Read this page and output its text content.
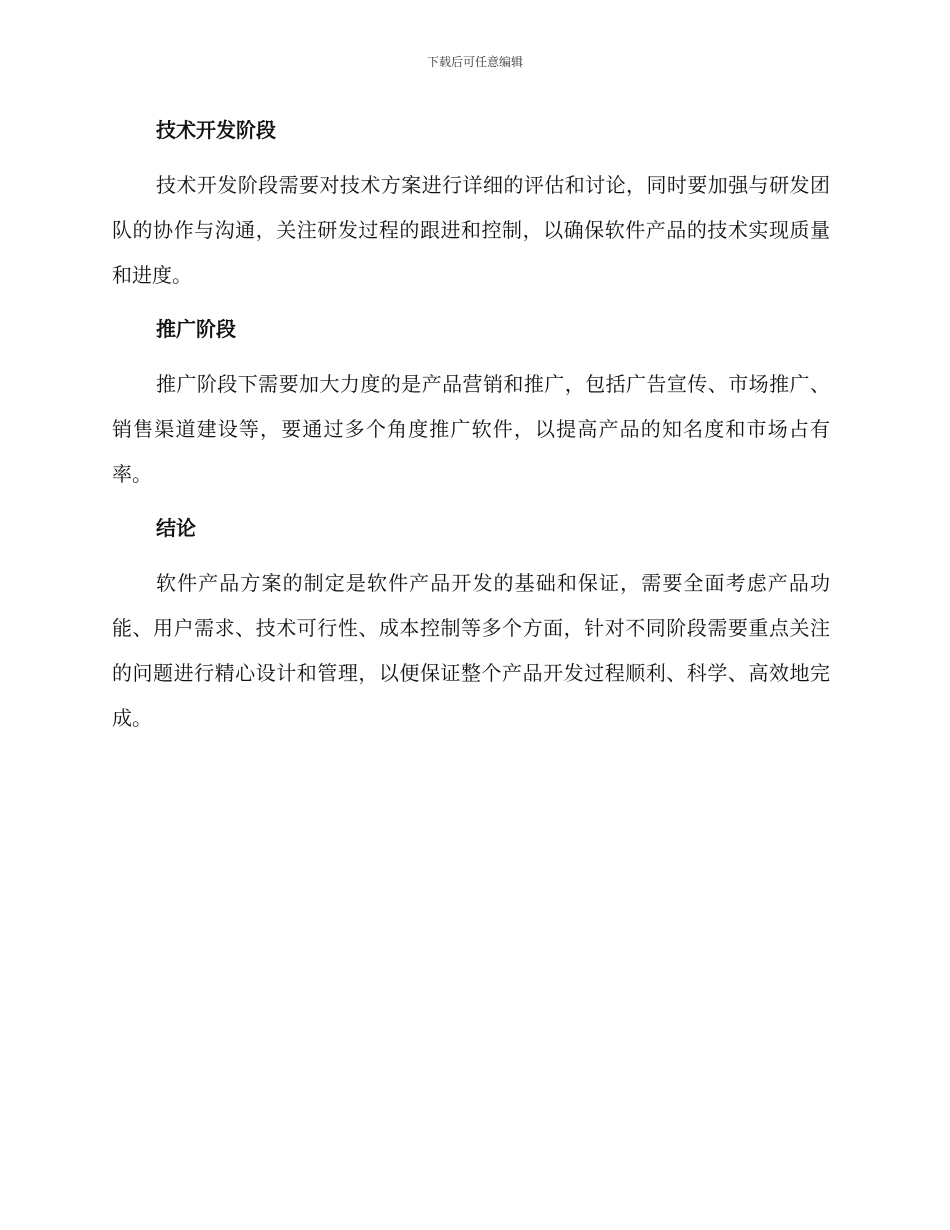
下载后可任意编辑
技术开发阶段

技术开发阶段需要对技术方案进行详细的评估和讨论，同时要加强与研发团队的协作与沟通，关注研发过程的跟进和控制，以确保软件产品的技术实现质量和进度。

推广阶段

推广阶段下需要加大力度的是产品营销和推广，包括广告宣传、市场推广、销售渠道建设等，要通过多个角度推广软件，以提高产品的知名度和市场占有率。

结论

软件产品方案的制定是软件产品开发的基础和保证，需要全面考虑产品功能、用户需求、技术可行性、成本控制等多个方面，针对不同阶段需要重点关注的问题进行精心设计和管理，以便保证整个产品开发过程顺利、科学、高效地完成。
